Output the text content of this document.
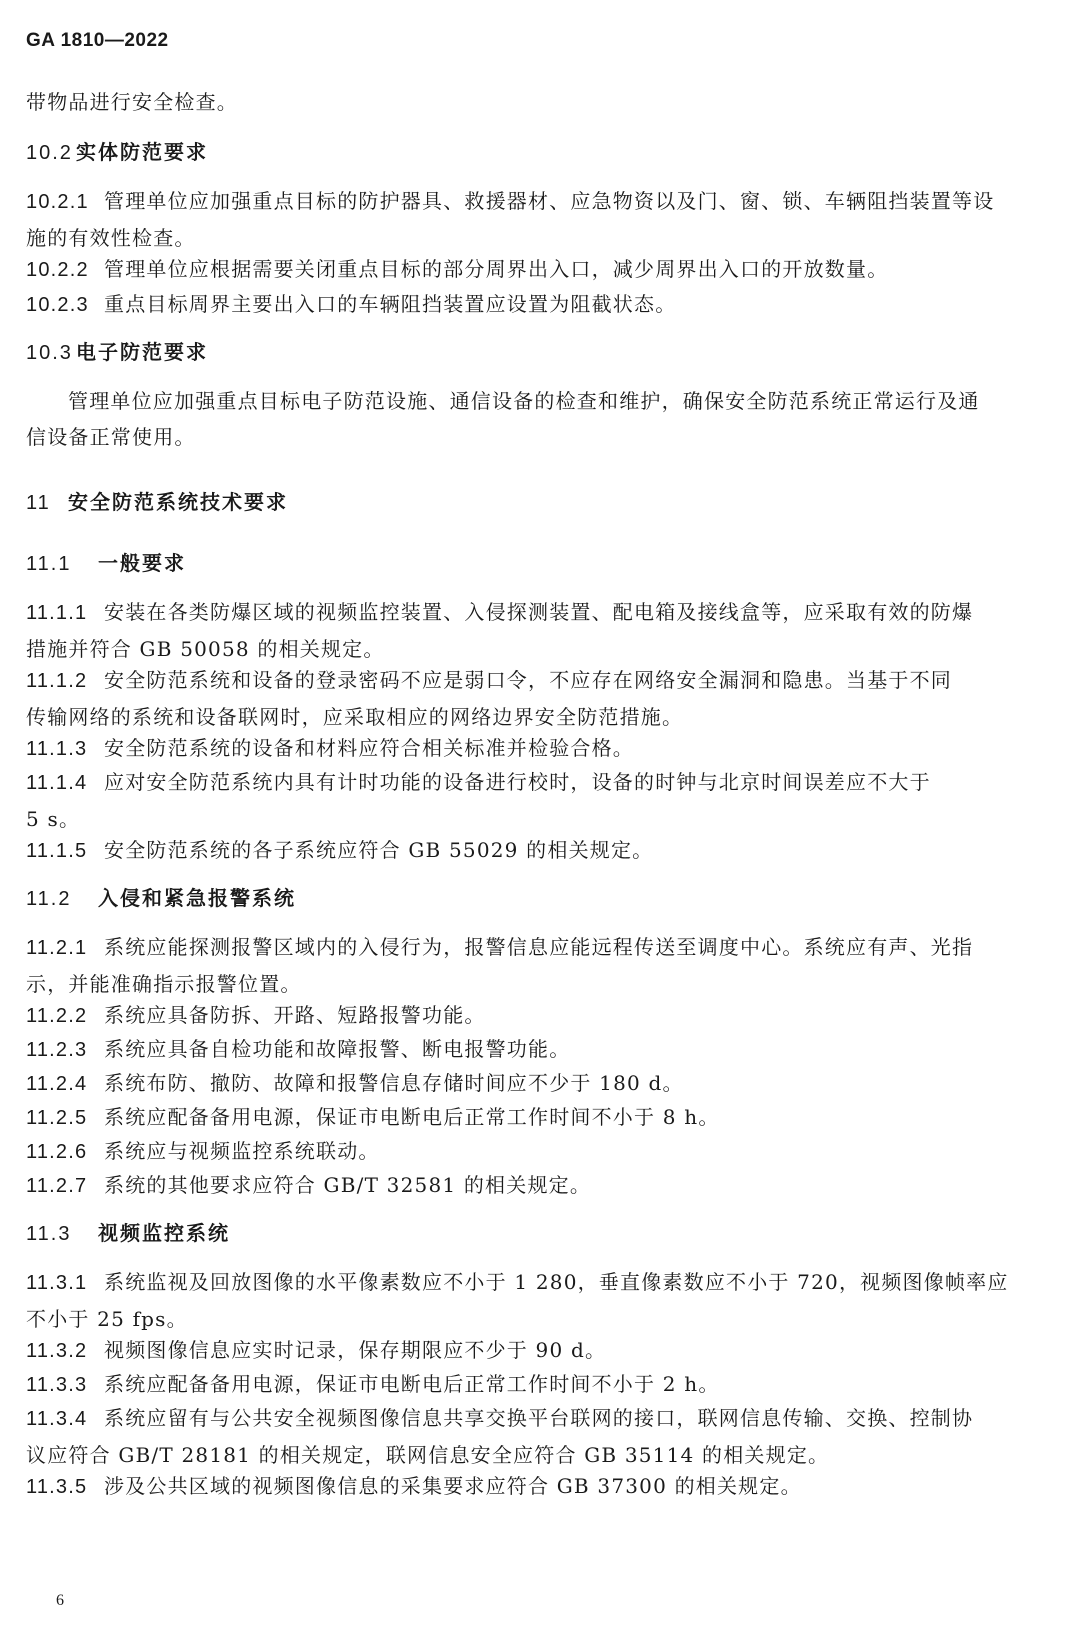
GA 1810—2022
带物品进行安全检查。
10.2 实体防范要求
10.2.1 管理单位应加强重点目标的防护器具、救援器材、应急物资以及门、窗、锁、车辆阻挡装置等设
施的有效性检查。
10.2.2 管理单位应根据需要关闭重点目标的部分周界出入口，减少周界出入口的开放数量。
10.2.3 重点目标周界主要出入口的车辆阻挡装置应设置为阻截状态。
10.3 电子防范要求
管理单位应加强重点目标电子防范设施、通信设备的检查和维护，确保安全防范系统正常运行及通
信设备正常使用。
11 安全防范系统技术要求
11.1 一般要求
11.1.1 安装在各类防爆区域的视频监控装置、入侵探测装置、配电箱及接线盒等，应采取有效的防爆
措施并符合 GB 50058 的相关规定。
11.1.2 安全防范系统和设备的登录密码不应是弱口令，不应存在网络安全漏洞和隐患。当基于不同
传输网络的系统和设备联网时，应采取相应的网络边界安全防范措施。
11.1.3 安全防范系统的设备和材料应符合相关标准并检验合格。
11.1.4 应对安全防范系统内具有计时功能的设备进行校时，设备的时钟与北京时间误差应不大于
5 s。
11.1.5 安全防范系统的各子系统应符合 GB 55029 的相关规定。
11.2 入侵和紧急报警系统
11.2.1 系统应能探测报警区域内的入侵行为，报警信息应能远程传送至调度中心。系统应有声、光指
示，并能准确指示报警位置。
11.2.2 系统应具备防拆、开路、短路报警功能。
11.2.3 系统应具备自检功能和故障报警、断电报警功能。
11.2.4 系统布防、撤防、故障和报警信息存储时间应不少于 180 d。
11.2.5 系统应配备备用电源，保证市电断电后正常工作时间不小于 8 h。
11.2.6 系统应与视频监控系统联动。
11.2.7 系统的其他要求应符合 GB/T 32581 的相关规定。
11.3 视频监控系统
11.3.1 系统监视及回放图像的水平像素数应不小于 1 280，垂直像素数应不小于 720，视频图像帧率应
不小于 25 fps。
11.3.2 视频图像信息应实时记录，保存期限应不少于 90 d。
11.3.3 系统应配备备用电源，保证市电断电后正常工作时间不小于 2 h。
11.3.4 系统应留有与公共安全视频图像信息共享交换平台联网的接口，联网信息传输、交换、控制协
议应符合 GB/T 28181 的相关规定，联网信息安全应符合 GB 35114 的相关规定。
11.3.5 涉及公共区域的视频图像信息的采集要求应符合 GB 37300 的相关规定。
6
